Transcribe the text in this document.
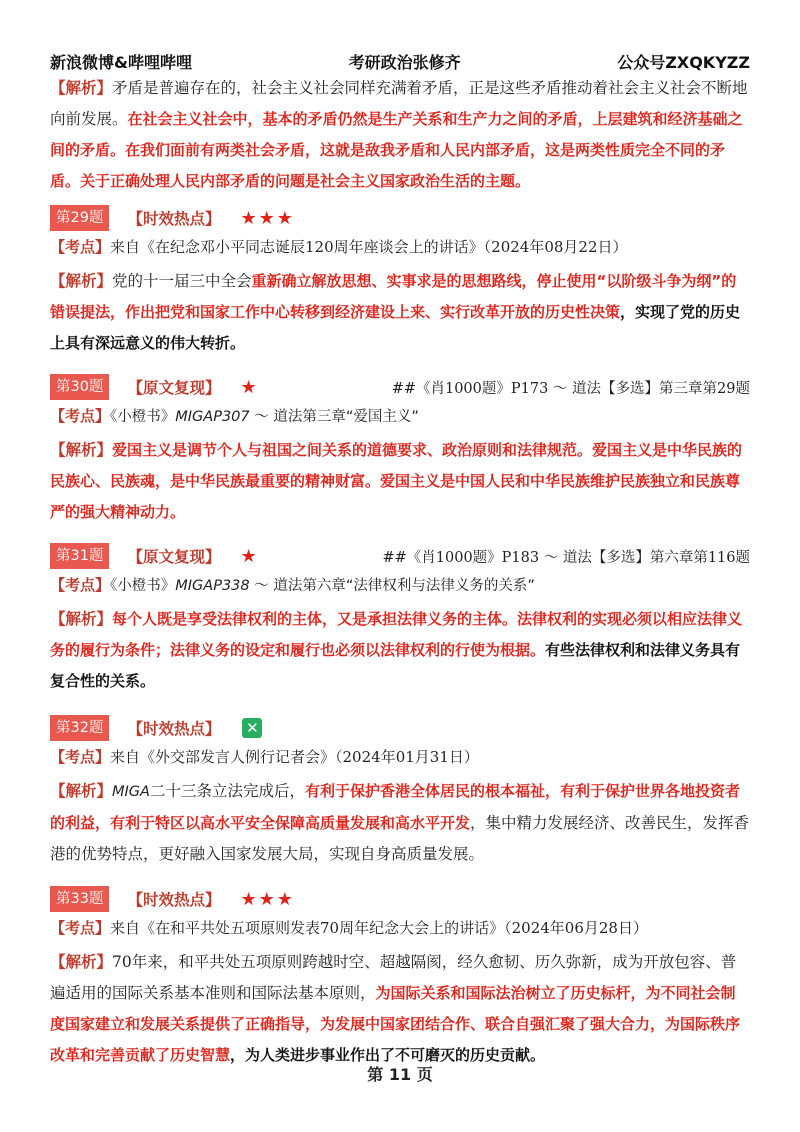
新浪微博&哔哩哔哩	考研政治张修齐	公众号ZXQKYZZ

【解析】矛盾是普遍存在的，社会主义社会同样充满着矛盾，正是这些矛盾推动着社会主义社会不断地向前发展。在社会主义社会中，基本的矛盾仍然是生产关系和生产力之间的矛盾，上层建筑和经济基础之间的矛盾。在我们面前有两类社会矛盾，这就是敌我矛盾和人民内部矛盾，这是两类性质完全不同的矛盾。关于正确处理人民内部矛盾的问题是社会主义国家政治生活的主题。

第29题	【时效热点】 ★★★

【考点】来自《在纪念邓小平同志诞辰120周年座谈会上的讲话》（2024年08月22日）

【解析】党的十一届三中全会重新确立解放思想、实事求是的思想路线，停止使用“以阶级斗争为纲”的错误提法，作出把党和国家工作中心转移到经济建设上来、实行改革开放的历史性决策，实现了党的历史上具有深远意义的伟大转折。

第30题	【原文复现】 ★	##《肖1000题》P173 ～ 道法【多选】第三章第29题

【考点】《小橙书》MIGAP307 ～ 道法第三章“爱国主义”

【解析】爱国主义是调节个人与祖国之间关系的道德要求、政治原则和法律规范。爱国主义是中华民族的民族心、民族魂，是中华民族最重要的精神财富。爱国主义是中国人民和中华民族维护民族独立和民族尊严的强大精神动力。

第31题	【原文复现】 ★	##《肖1000题》P183 ～ 道法【多选】第六章第116题

【考点】《小橙书》MIGAP338 ～ 道法第六章“法律权利与法律义务的关系”

【解析】每个人既是享受法律权利的主体，又是承担法律义务的主体。法律权利的实现必须以相应法律义务的履行为条件；法律义务的设定和履行也必须以法律权利的行使为根据。有些法律权利和法律义务具有复合性的关系。

第32题	【时效热点】 ✕

【考点】来自《外交部发言人例行记者会》（2024年01月31日）

【解析】MIGA二十三条立法完成后，有利于保护香港全体居民的根本福祉，有利于保护世界各地投资者的利益，有利于特区以高水平安全保障高质量发展和高水平开发，集中精力发展经济、改善民生，发挥香港的优势特点，更好融入国家发展大局，实现自身高质量发展。

第33题	【时效热点】 ★★★

【考点】来自《在和平共处五项原则发表70周年纪念大会上的讲话》（2024年06月28日）

【解析】70年来，和平共处五项原则跨越时空、超越隔阂，经久愈韧、历久弥新，成为开放包容、普遍适用的国际关系基本准则和国际法基本原则，为国际关系和国际法治树立了历史标杆，为不同社会制度国家建立和发展关系提供了正确指导，为发展中国家团结合作、联合自强汇聚了强大合力，为国际秩序改革和完善贡献了历史智慧，为人类进步事业作出了不可磨灭的历史贡献。

第 11 页
